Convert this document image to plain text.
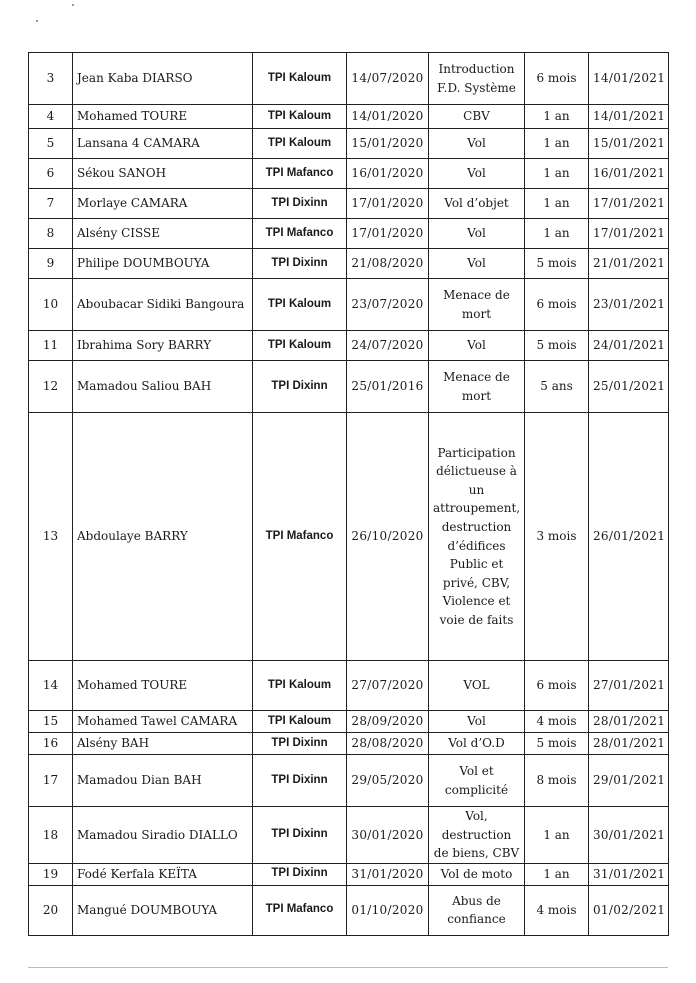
3	Jean Kaba DIARSO	TPI Kaloum	14/07/2020	Introduction F.D. Système	6 mois	14/01/2021
4	Mohamed TOURE	TPI Kaloum	14/01/2020	CBV	1 an	14/01/2021
5	Lansana 4 CAMARA	TPI Kaloum	15/01/2020	Vol	1 an	15/01/2021
6	Sékou SANOH	TPI Mafanco	16/01/2020	Vol	1 an	16/01/2021
7	Morlaye CAMARA	TPI Dixinn	17/01/2020	Vol d’objet	1 an	17/01/2021
8	Alsény CISSE	TPI Mafanco	17/01/2020	Vol	1 an	17/01/2021
9	Philipe DOUMBOUYA	TPI Dixinn	21/08/2020	Vol	5 mois	21/01/2021
10	Aboubacar Sidiki Bangoura	TPI Kaloum	23/07/2020	Menace de mort	6 mois	23/01/2021
11	Ibrahima Sory BARRY	TPI Kaloum	24/07/2020	Vol	5 mois	24/01/2021
12	Mamadou Saliou BAH	TPI Dixinn	25/01/2016	Menace de mort	5 ans	25/01/2021
13	Abdoulaye BARRY	TPI Mafanco	26/10/2020	Participation délictueuse à un attroupement, destruction d’édifices Public et privé, CBV, Violence et voie de faits	3 mois	26/01/2021
14	Mohamed TOURE	TPI Kaloum	27/07/2020	VOL	6 mois	27/01/2021
15	Mohamed Tawel CAMARA	TPI Kaloum	28/09/2020	Vol	4 mois	28/01/2021
16	Alsény BAH	TPI Dixinn	28/08/2020	Vol d’O.D	5 mois	28/01/2021
17	Mamadou Dian BAH	TPI Dixinn	29/05/2020	Vol et complicité	8 mois	29/01/2021
18	Mamadou Siradio DIALLO	TPI Dixinn	30/01/2020	Vol, destruction de biens, CBV	1 an	30/01/2021
19	Fodé Kerfala KEÏTA	TPI Dixinn	31/01/2020	Vol de moto	1 an	31/01/2021
20	Mangué DOUMBOUYA	TPI Mafanco	01/10/2020	Abus de confiance	4 mois	01/02/2021
